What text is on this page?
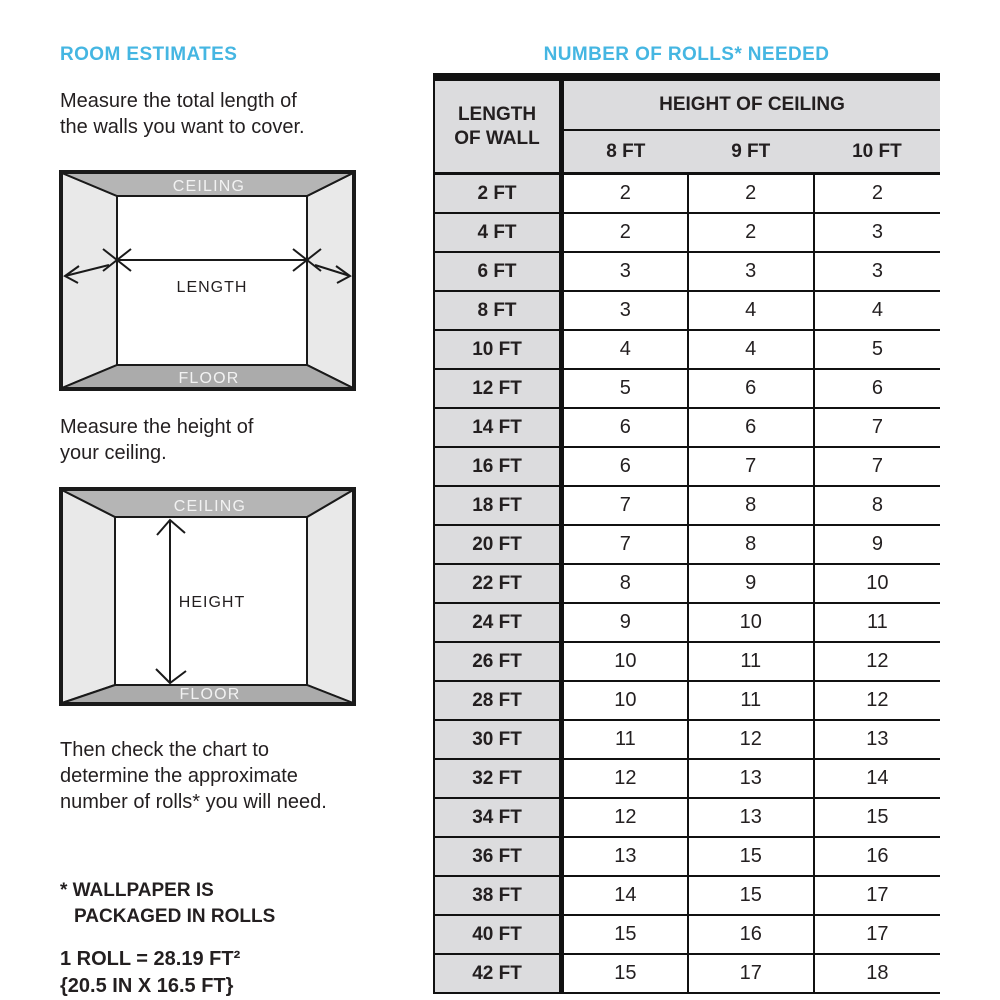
ROOM ESTIMATES
Measure the total length of
the walls you want to cover.
CEILING
FLOOR
LENGTH
Measure the height of
your ceiling.
CEILING
FLOOR
HEIGHT
Then check the chart to
determine the approximate
number of rolls* you will need.
* WALLPAPER IS
PACKAGED IN ROLLS
1 ROLL = 28.19 FT²
{20.5 IN X 16.5 FT}
NUMBER OF ROLLS* NEEDED
LENGTH
OF WALL	HEIGHT OF CEILING		
	8 FT	9 FT	10 FT
2 FT	2	2	2
4 FT	2	2	3
6 FT	3	3	3
8 FT	3	4	4
10 FT	4	4	5
12 FT	5	6	6
14 FT	6	6	7
16 FT	6	7	7
18 FT	7	8	8
20 FT	7	8	9
22 FT	8	9	10
24 FT	9	10	11
26 FT	10	11	12
28 FT	10	11	12
30 FT	11	12	13
32 FT	12	13	14
34 FT	12	13	15
36 FT	13	15	16
38 FT	14	15	17
40 FT	15	16	17
42 FT	15	17	18
